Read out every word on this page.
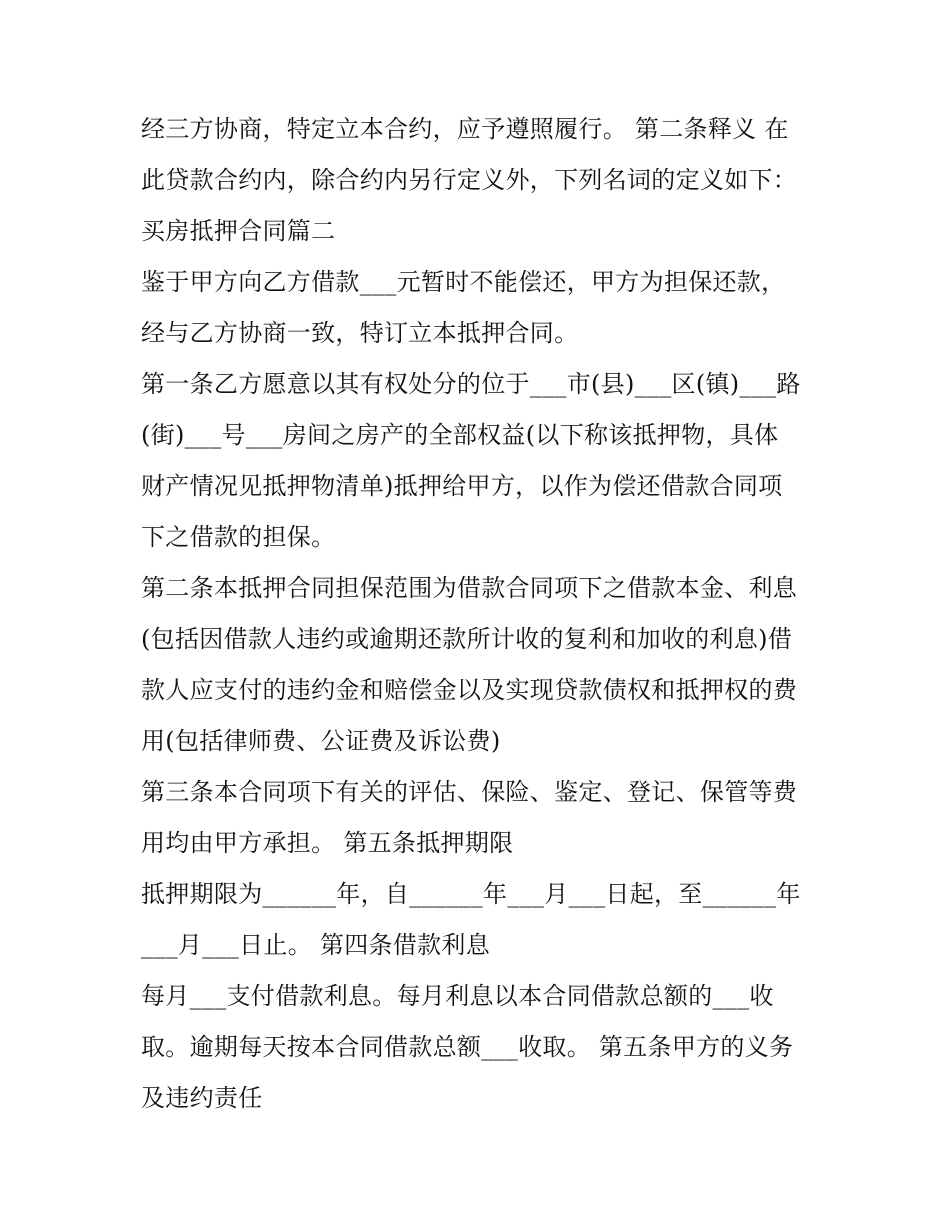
经三方协商，特定立本合约，应予遵照履行。 第二条释义 在
此贷款合约内，除合约内另行定义外，下列名词的定义如下：
买房抵押合同篇二
鉴于甲方向乙方借款___元暂时不能偿还，甲方为担保还款，
经与乙方协商一致，特订立本抵押合同。
第一条乙方愿意以其有权处分的位于___市(县)___区(镇)___路
(街)___号___房间之房产的全部权益(以下称该抵押物，具体
财产情况见抵押物清单)抵押给甲方，以作为偿还借款合同项
下之借款的担保。
第二条本抵押合同担保范围为借款合同项下之借款本金、利息
(包括因借款人违约或逾期还款所计收的复利和加收的利息)借
款人应支付的违约金和赔偿金以及实现贷款债权和抵押权的费
用(包括律师费、公证费及诉讼费)
第三条本合同项下有关的评估、保险、鉴定、登记、保管等费
用均由甲方承担。 第五条抵押期限
抵押期限为______年，自______年___月___日起，至______年
___月___日止。 第四条借款利息
每月___支付借款利息。每月利息以本合同借款总额的___收
取。逾期每天按本合同借款总额___收取。 第五条甲方的义务
及违约责任
